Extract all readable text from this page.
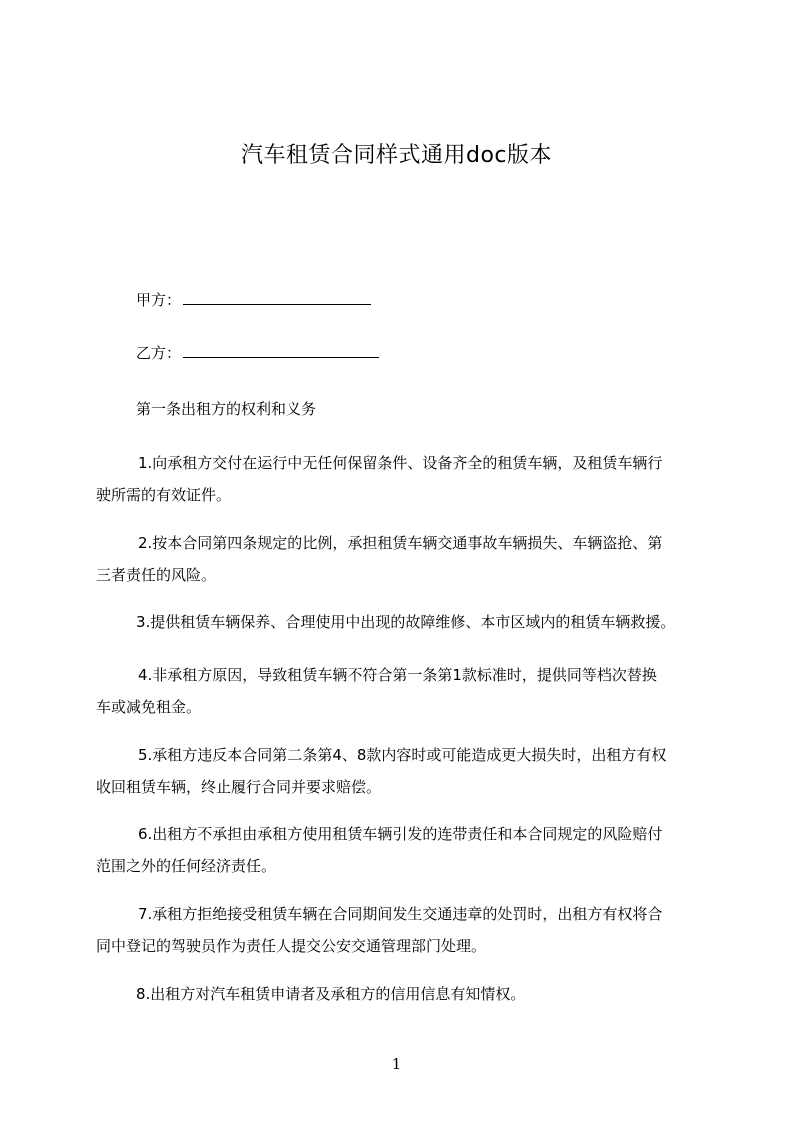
汽车租赁合同样式通用doc版本
甲方：
乙方：
第一条出租方的权利和义务
1.向承租方交付在运行中无任何保留条件、设备齐全的租赁车辆，及租赁车辆行
驶所需的有效证件。
2.按本合同第四条规定的比例，承担租赁车辆交通事故车辆损失、车辆盗抢、第
三者责任的风险。
3.提供租赁车辆保养、合理使用中出现的故障维修、本市区域内的租赁车辆救援。
4.非承租方原因，导致租赁车辆不符合第一条第1款标准时，提供同等档次替换
车或减免租金。
5.承租方违反本合同第二条第4、8款内容时或可能造成更大损失时，出租方有权
收回租赁车辆，终止履行合同并要求赔偿。
6.出租方不承担由承租方使用租赁车辆引发的连带责任和本合同规定的风险赔付
范围之外的任何经济责任。
7.承租方拒绝接受租赁车辆在合同期间发生交通违章的处罚时，出租方有权将合
同中登记的驾驶员作为责任人提交公安交通管理部门处理。
8.出租方对汽车租赁申请者及承租方的信用信息有知情权。
1
